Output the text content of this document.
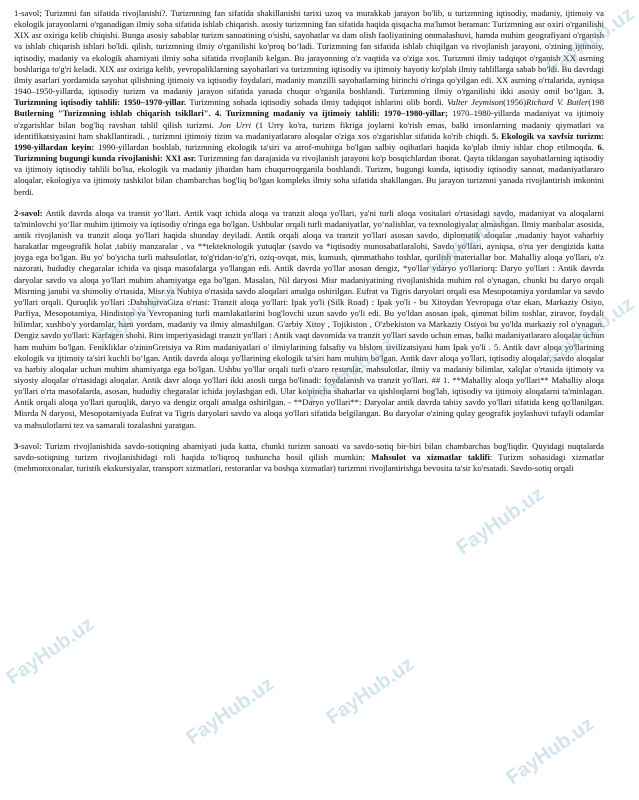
1-savol; Turizmni fan sifatida rivojlanishi?. Turizmning fan sifatida shakillanishi tarixi uzoq va murakkab jarayon bo'lib, u turizmning iqtisodiy, madaniy, ijtimoiy va ekologik jarayonlarni o'rganadigan ilmiy soha sifatida ishlab chiqarish. asosiy turizmning fan sifatida haqida qisqacha ma'lumot beraman: Turizmning asr oxiri o'rganilishi XIX asr oxiriga kelib chiqishi. Bunga asosiy sabablar turizm sanoatining o'sishi, sayohatlar va dam olish faoliyatining ommalashuvi, hamda muhim geografiyani o'rganish va ishlab chiqarish ishlari bo'ldi. qilish, turizmning ilmiy o'rganilishi ko'proq bo‘ladi. Turizmning fan sifatida ishlab chiqilgan va rivojlanish jarayoni, o'zining ijtimoiy, iqtisodiy, madaniy va ekologik ahamiyati ilmiy soha sifatida rivojlanib kelgan. Bu jarayonning o'z vaqtida va o'ziga xos. Turizmni ilmiy tadqiqot o'rganish XX asrning boshlariga to'g'ri keladi. XIX asr oxiriga kelib, yevropaliklarning sayohatlari va turizmning iqtisodiy va ijtimoiy hayotiy ko'plab ilmiy tahlillarga sabab bo'ldi. Bu davrdagi ilmiy asarlari yordamida sayohat qilishning ijtimoiy va iqtisodiy foydalari, madaniy manzilli sayohatlarning birinchi o'ringa qo'yilgan edi. XX asrning o'rtalarida, ayniqsa 1940–1950-yillarda, iqtisodiy turizm va madaniy jarayon sifatida yanada chuqur o'rganila boshlandi. Turizmning ilmiy o'rganilishi ikki asosiy omil bo‘lgan. 3. Turizmning iqtisodiy tahlili: 1950–1970-yillar. Turizmning sohada iqtisodiy sohada ilmiy tadqiqot ishlarini olib bordi. Valter Jeymison(1956)Richard V. Butler(198 Butlerning "Turizmning ishlab chiqarish tsikllari". 4. Turizmning madaniy va ijtimoiy tahlili: 1970–1980-yillar; 1970–1980-yillarda madaniyat va ijtimoiy o'zgarishlar bilan bog'liq ravshan tahlil qilish turizmi. Jon Urri (1 Urry ko'ra, turizm fikriga joylarni ko'rish emas, balki insonlarning madaniy qiymatlari va identifikatsiyasini ham shakllantiradi. , turizmni ijtimoiy tizim va madaniyatlararo aloqalar o'ziga xos o'zgarishlar sifatida ko'rib chiqdi. 5. Ekologik va xavfsiz turizm: 1990-yillardan keyin: 1990-yillardan boshlab, turizmning ekologik ta'siri va atrof-muhitga bo'lgan salbiy oqibatlari haqida ko'plab ilmiy ishlar chop etilmoqda. 6. Turizmning bugungi kunda rivojlanishi: XXI asr. Turizmning fan darajasida va rivojlanish jarayoni ko'p bosqichlardan iborat. Qayta tiklangan sayohatlarning iqtisodiy va ijtimoiy iqtisodiy tahlili bo'lsa, ekologik va madaniy jihatdan ham chuqurroqrganila boshlandi. Turizm, bugungi kunda, iqtisodiy iqtisodiy sanoat, madaniyatlararo aloqalar, ekologiya va ijtimoiy tashkilot bilan chambarchas bog'liq bo'lgan kompleks ilmiy soha sifatida shakllangan. Bu jarayon turizmni yanada rivojlantirish imkonini berdi.

2-savol: Antik davrda aloqa va transit yo‘llari. Antik vaqt ichida aloqa va tranzit aloqa yo'llari, ya'ni turli aloqa vositalari o'rtasidagi savdo, madaniyat va aloqalarni ta'minlovchi yo‘llar muhim ijtimoiy va iqtisodiy o'ringa ega bo'lgan. Ushbular orqali turli madaniyatlar, yo‘nalishlar, va texnologiyalar almashgan. Ilmiy manbalar asosida, antik rivojlanish va tranzit aloqa yo'llari haqida shunday deyiladi. Antik orqali aloqa va tranzit yo'llari asosan savdo, diplomatik aloqalar ,madaniy hayot vaharbiy harakatlar mgeografik holat ,tabiiy manzaralar , va **tekteknologik yutuqlar (savdo va *iqtisodiy munosabatlaralohi, Savdo yo'llari, ayniqsa, o'rta yer dengizida katta joyga ega bo'lgan. Bu yo' bo'yicha turli mahsulotlar, to'g'ridan-to'g'ri, oziq-ovqat, mis, kumush, qimmatbaho toshlar, qurilish materiallar bor. Mahalliy aloqa yo'llari, o'z nazorati, hududiy chegaralar ichida va qisqa masofalarga yo'llangan edi. Antik davrda yo'llar asosan dengiz, *yo'llar vdaryo yo'llariorq: Daryo yo'llari : Antik davrda daryolar savdo va aloqa yo'llari muhim ahamiyatga ega bo'lgan. Masalan, Nil daryosi Misr madaniyatining rivojlanishida muhim rol o'ynagan, chunki bu daryo orqali Misrning janubi va shimoliy o'rtasida, Misr va Nubiya o'rtasida savdo aloqalari amalga oshirilgan. Eufrat va Tigris daryolari orqali esa Mesopotamiya yordamlar va savdo yo'llari orqali. Quruqlik yo'llari :DahshurvaGiza o'rtasi: Tranzit aloqa yo'llari: Ipak yo'li (Silk Road) : Ipak yo'li - bu Xitoydan Yevropaga o'tar ekan, Markaziy Osiyo, Parfiya, Mesopotamiya, Hindiston va Yevropaning turli mamlakatlarini bog'lovchi uzun savdo yo'li edi. Bu yo'ldan asosan ipak, qimmat bilim toshlar, ziravor, foydali bilimlar, xushbo'y yordamlar, ham yordam, madaniy va ilmiy almashilgan. G'arbiy Xitoy , Tojikiston , O'zbekiston va Markaziy Osiyoi bu yo'lda markaziy rol o'ynagan. Dengiz savdo yo'llari: Karfagen shohi. Rim imperiyasidagi tranzit yo'llari : Antik vaqt davomida va tranzit yo'llari savdo uchun emas, balki madaniyatlararo aloqalar uchun ham muhim bo'lgan. Fenikliklar o'zininGretsiya va Rim madaniyatlari o' ilmiylarining falsafiy va blslom sivilizatsiyasi ham Ipak yo'li . 5. Antik davr aloqa yo'llarining ekologik va ijtimoiy ta'siri kuchli bo‘lgan. Antik davrda aloqa yo'llarining ekologik ta'siri ham muhim bo'lgan. Antik davr aloqa yo'llari, iqtisodiy aloqalar, savdo aloqalar va harbiy aloqalar uchun muhim ahamiyatga ega bo'lgan. Ushbu yo'llar orqali turli o'zaro resurslar, mahsulotlar, ilmiy va madaniy bilimlar, xalqlar o'rtasida ijtimoiy va siyosiy aloqalar o'rtasidagi aloqalar. Antik davr aloqa yo'llari ikki asosli turga bo'linadi: foydalanish va tranzit yo'llari. ## 1. **Mahalliy aloqa yo'llari** Mahalliy aloqa yo'llari o'rta masofalarda, asosan, hududiy chegaralar ichida joylashgan edi. Ular ko'pincha shaharlar va qishloqlarni bog'lab, iqtisodiy va ijtimoiy aloqalarni ta'minlagan. Antik orqali aloqa yo'llari quruqlik, daryo va dengiz orqali amalga oshirilgan. - **Daryo yo'llari**: Daryolar antik davrda tabiiy savdo yo'llari sifatida keng qo'llanilgan. Misrda N daryosi, Mesopotamiyada Eufrat va Tigris daryolari savdo va aloqa yo'llari sifatida belgilangan. Bu daryolar o'zining qulay geografik joylashuvi tufayli odamlar va mahsulotlarni tez va samarali tozalashni yaratgan.

3-savol: Turizm rivojlanishida savdo-sotiqning ahamiyati juda katta, chunki turizm sanoati va savdo-sotiq bir-biri bilan chambarchas bog'liqdir. Quyidagi nuqtalarda savdo-sotiqning turizm rivojlanishidagi roli haqida to'liqroq tushuncha hosil qilish mumkin: Mahsulot va xizmatlar taklifi: Turizm sohasidagi xizmatlar (mehmonxonalar, turistik ekskursiyalar, transport xizmatlari, restoranlar va boshqa xizmatlar) turizmni rivojlantirishga bevosita ta'sir ko'rsatadi. Savdo-sotiq orqali

FayHub.uz
FayHub.uz
FayHub.uz
FayHub.uz
FayHub.uz
FayHub.uz
FayHub.uz
FayHub.uz FayHub.uz
FayHub.uz
